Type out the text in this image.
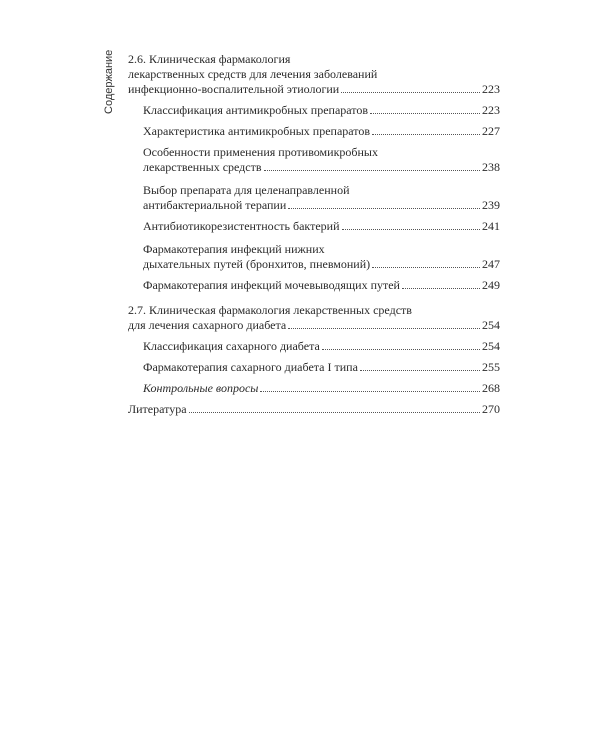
Содержание	2.6. Клиническая фармакология
лекарственных средств для лечения заболеваний
инфекционно-воспалительной этиологии	223
Классификация антимикробных препаратов	223
Характеристика антимикробных препаратов	227
Особенности применения противомикробных
лекарственных средств	238
Выбор препарата для целенаправленной
антибактериальной терапии	239
Антибиотикорезистентность бактерий	241
Фармакотерапия инфекций нижних
дыхательных путей (бронхитов, пневмоний)	247
Фармакотерапия инфекций мочевыводящих путей	249
2.7. Клиническая фармакология лекарственных средств
для лечения сахарного диабета	254
Классификация сахарного диабета	254
Фармакотерапия сахарного диабета I типа	255
Контрольные вопросы	268
Литература	270
